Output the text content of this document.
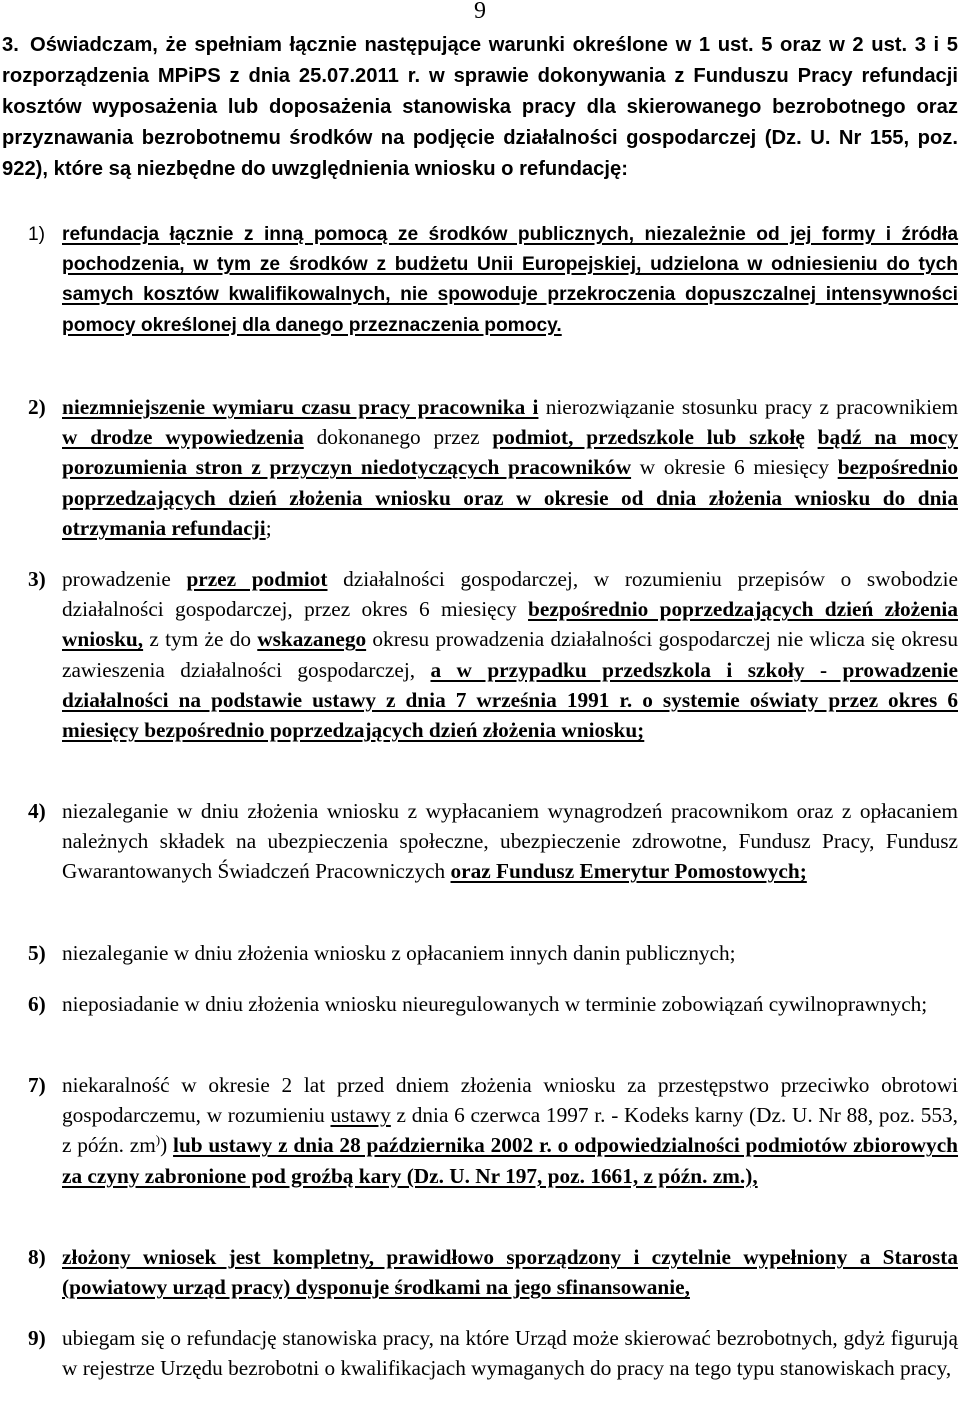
9
3. Oświadczam, że spełniam łącznie następujące warunki określone w 1 ust. 5 oraz w 2 ust. 3 i 5 rozporządzenia MPiPS z dnia 25.07.2011 r. w sprawie dokonywania z Funduszu Pracy refundacji kosztów wyposażenia lub doposażenia stanowiska pracy dla skierowanego bezrobotnego oraz przyznawania bezrobotnemu środków na podjęcie działalności gospodarczej (Dz. U. Nr 155, poz. 922), które są niezbędne do uwzględnienia wniosku o refundację:
1) refundacja łącznie z inną pomocą ze środków publicznych, niezależnie od jej formy i źródła pochodzenia, w tym ze środków z budżetu Unii Europejskiej, udzielona w odniesieniu do tych samych kosztów kwalifikowalnych, nie spowoduje przekroczenia dopuszczalnej intensywności pomocy określonej dla danego przeznaczenia pomocy.
2) niezmniejszenie wymiaru czasu pracy pracownika i nierozwiązanie stosunku pracy z pracownikiem w drodze wypowiedzenia dokonanego przez podmiot, przedszkole lub szkołę bądź na mocy porozumienia stron z przyczyn niedotyczących pracowników w okresie 6 miesięcy bezpośrednio poprzedzających dzień złożenia wniosku oraz w okresie od dnia złożenia wniosku do dnia otrzymania refundacji;
3) prowadzenie przez podmiot działalności gospodarczej, w rozumieniu przepisów o swobodzie działalności gospodarczej, przez okres 6 miesięcy bezpośrednio poprzedzających dzień złożenia wniosku, z tym że do wskazanego okresu prowadzenia działalności gospodarczej nie wlicza się okresu zawieszenia działalności gospodarczej, a w przypadku przedszkola i szkoły - prowadzenie działalności na podstawie ustawy z dnia 7 września 1991 r. o systemie oświaty przez okres 6 miesięcy bezpośrednio poprzedzających dzień złożenia wniosku;
4) niezaleganie w dniu złożenia wniosku z wypłacaniem wynagrodzeń pracownikom oraz z opłacaniem należnych składek na ubezpieczenia społeczne, ubezpieczenie zdrowotne, Fundusz Pracy, Fundusz Gwarantowanych Świadczeń Pracowniczych oraz Fundusz Emerytur Pomostowych;
5) niezaleganie w dniu złożenia wniosku z opłacaniem innych danin publicznych;
6) nieposiadanie w dniu złożenia wniosku nieuregulowanych w terminie zobowiązań cywilnoprawnych;
7) niekaralność w okresie 2 lat przed dniem złożenia wniosku za przestępstwo przeciwko obrotowi gospodarczemu, w rozumieniu ustawy z dnia 6 czerwca 1997 r. - Kodeks karny (Dz. U. Nr 88, poz. 553, z późn. zm)) lub ustawy z dnia 28 października 2002 r. o odpowiedzialności podmiotów zbiorowych za czyny zabronione pod groźbą kary (Dz. U. Nr 197, poz. 1661, z późn. zm.),
8) złożony wniosek jest kompletny, prawidłowo sporządzony i czytelnie wypełniony a Starosta (powiatowy urząd pracy) dysponuje środkami na jego sfinansowanie,
9) ubiegam się o refundację stanowiska pracy, na które Urząd może skierować bezrobotnych, gdyż figurują w rejestrze Urzędu bezrobotni o kwalifikacjach wymaganych do pracy na tego typu stanowiskach pracy,
